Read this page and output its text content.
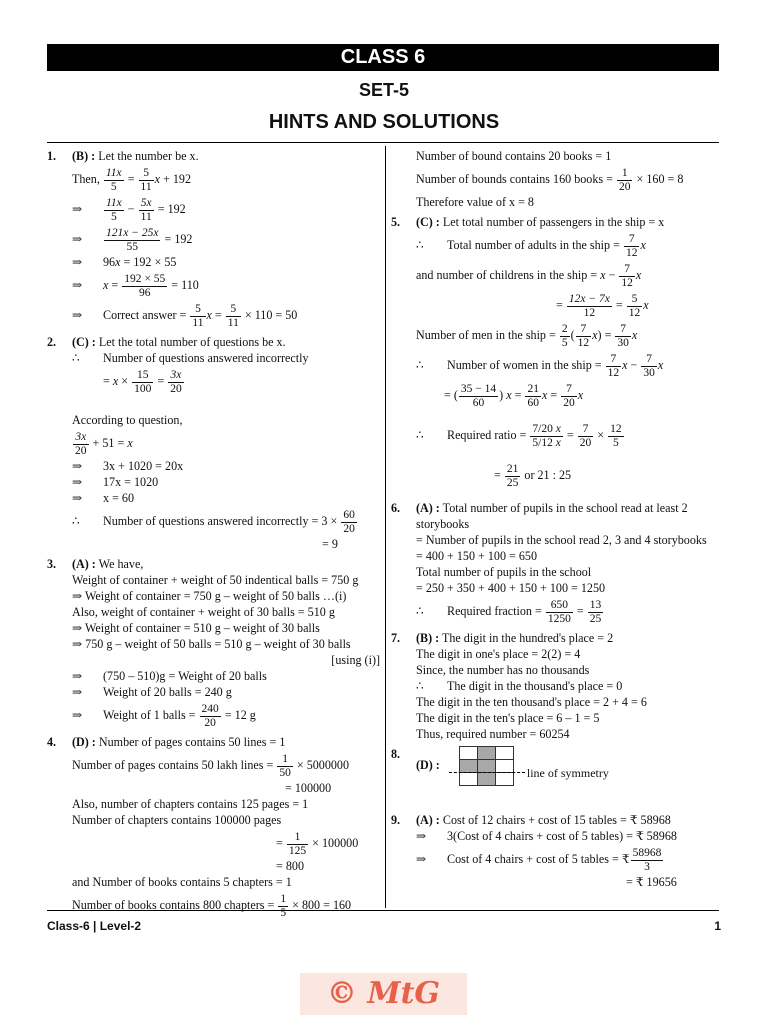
CLASS 6
SET-5
HINTS AND SOLUTIONS
1. (B) : Let the number be x.
Then, $\frac{11x}{5} = \frac{5}{11}$ x + 192
⇒ $\frac{11x}{5} - \frac{5x}{11} = 192$
⇒ $\frac{121x - 25x}{55} = 192$
⇒ 96x = 192 × 55
⇒ $x = \frac{192 \times 55}{96} = 110$
⇒ Correct answer = $\frac{5}{11}$ $x = \frac{5}{11} \times 110 = 50$
2. (C) : Let the total number of questions be x.
∴ Number of questions answered incorrectly
= $x \times \frac{15}{100} = \frac{3x}{20}$
According to question,
$\frac{3x}{20} + 51 = x$
⇒ 3x + 1020 = 20x
⇒ 17x = 1020
⇒ x = 60
∴ Number of questions answered incorrectly = $3 \times \frac{60}{20}$
= 9
3. (A) : We have,
Weight of container + weight of 50 indentical balls = 750 g
⇒ Weight of container = 750 g – weight of 50 balls …(i)
Also, weight of container + weight of 30 balls = 510 g
⇒ Weight of container = 510 g – weight of 30 balls
⇒ 750 g – weight of 50 balls = 510 g – weight of 30 balls
[using (i)]
⇒ (750 – 510)g = Weight of 20 balls
⇒ Weight of 20 balls = 240 g
⇒ Weight of 1 balls = $\frac{240}{20} = 12$ g
4. (D) : Number of pages contains 50 lines = 1
Number of pages contains 50 lakh lines = $\frac{1}{50} \times 5000000$
= 100000
Also, number of chapters contains 125 pages = 1
Number of chapters contains 100000 pages
= $\frac{1}{125} \times 100000$
= 800
and Number of books contains 5 chapters = 1
Number of books contains 800 chapters = $\frac{1}{5} \times 800 = 160$
Number of bound contains 20 books = 1
Number of bounds contains 160 books = $\frac{1}{20} \times 160 = 8$
Therefore value of x = 8
5. (C) : Let total number of passengers in the ship = x
∴ Total number of adults in the ship = $\frac{7}{12}$ x
and number of childrens in the ship = $x - \frac{7}{12}$ x
= $\frac{12x - 7x}{12} = \frac{5}{12}$ x
Number of men in the ship = $\frac{2}{5}$ ( $\frac{7}{12} x) = \frac{7}{30}$ x
∴ Number of women in the ship = $\frac{7}{12}$ $x - \frac{7}{30}$ x
= ( $\frac{35 - 14}{60}$ ) $x = \frac{21}{60}$ $x = \frac{7}{20}$ x
∴ Required ratio = $\frac{7/20 x}{5/12 x} = \frac{7}{20} \times \frac{12}{5}$
= $\frac{21}{25}$ or 21 : 25
6. (A) : Total number of pupils in the school read at least 2
storybooks
= Number of pupils in the school read 2, 3 and 4 storybooks
= 400 + 150 + 100 = 650
Total number of pupils in the school
= 250 + 350 + 400 + 150 + 100 = 1250
∴ Required fraction = $\frac{650}{1250} = \frac{13}{25}$
7. (B) : The digit in the hundred's place = 2
The digit in one's place = 2(2) = 4
Since, the number has no thousands
∴ The digit in the thousand's place = 0
The digit in the ten thousand's place = 2 + 4 = 6
The digit in the ten's place = 6 – 1 = 5
Thus, required number = 60254
8.
(D) :

line of symmetry
9. (A) : Cost of 12 chairs + cost of 15 tables = ₹ 58968
⇒ 3(Cost of 4 chairs + cost of 5 tables) = ₹ 58968
⇒ Cost of 4 chairs + cost of 5 tables = ₹ $\frac{58968}{3}$
= ₹ 19656
Class-6 | Level-2	1
© MtG
